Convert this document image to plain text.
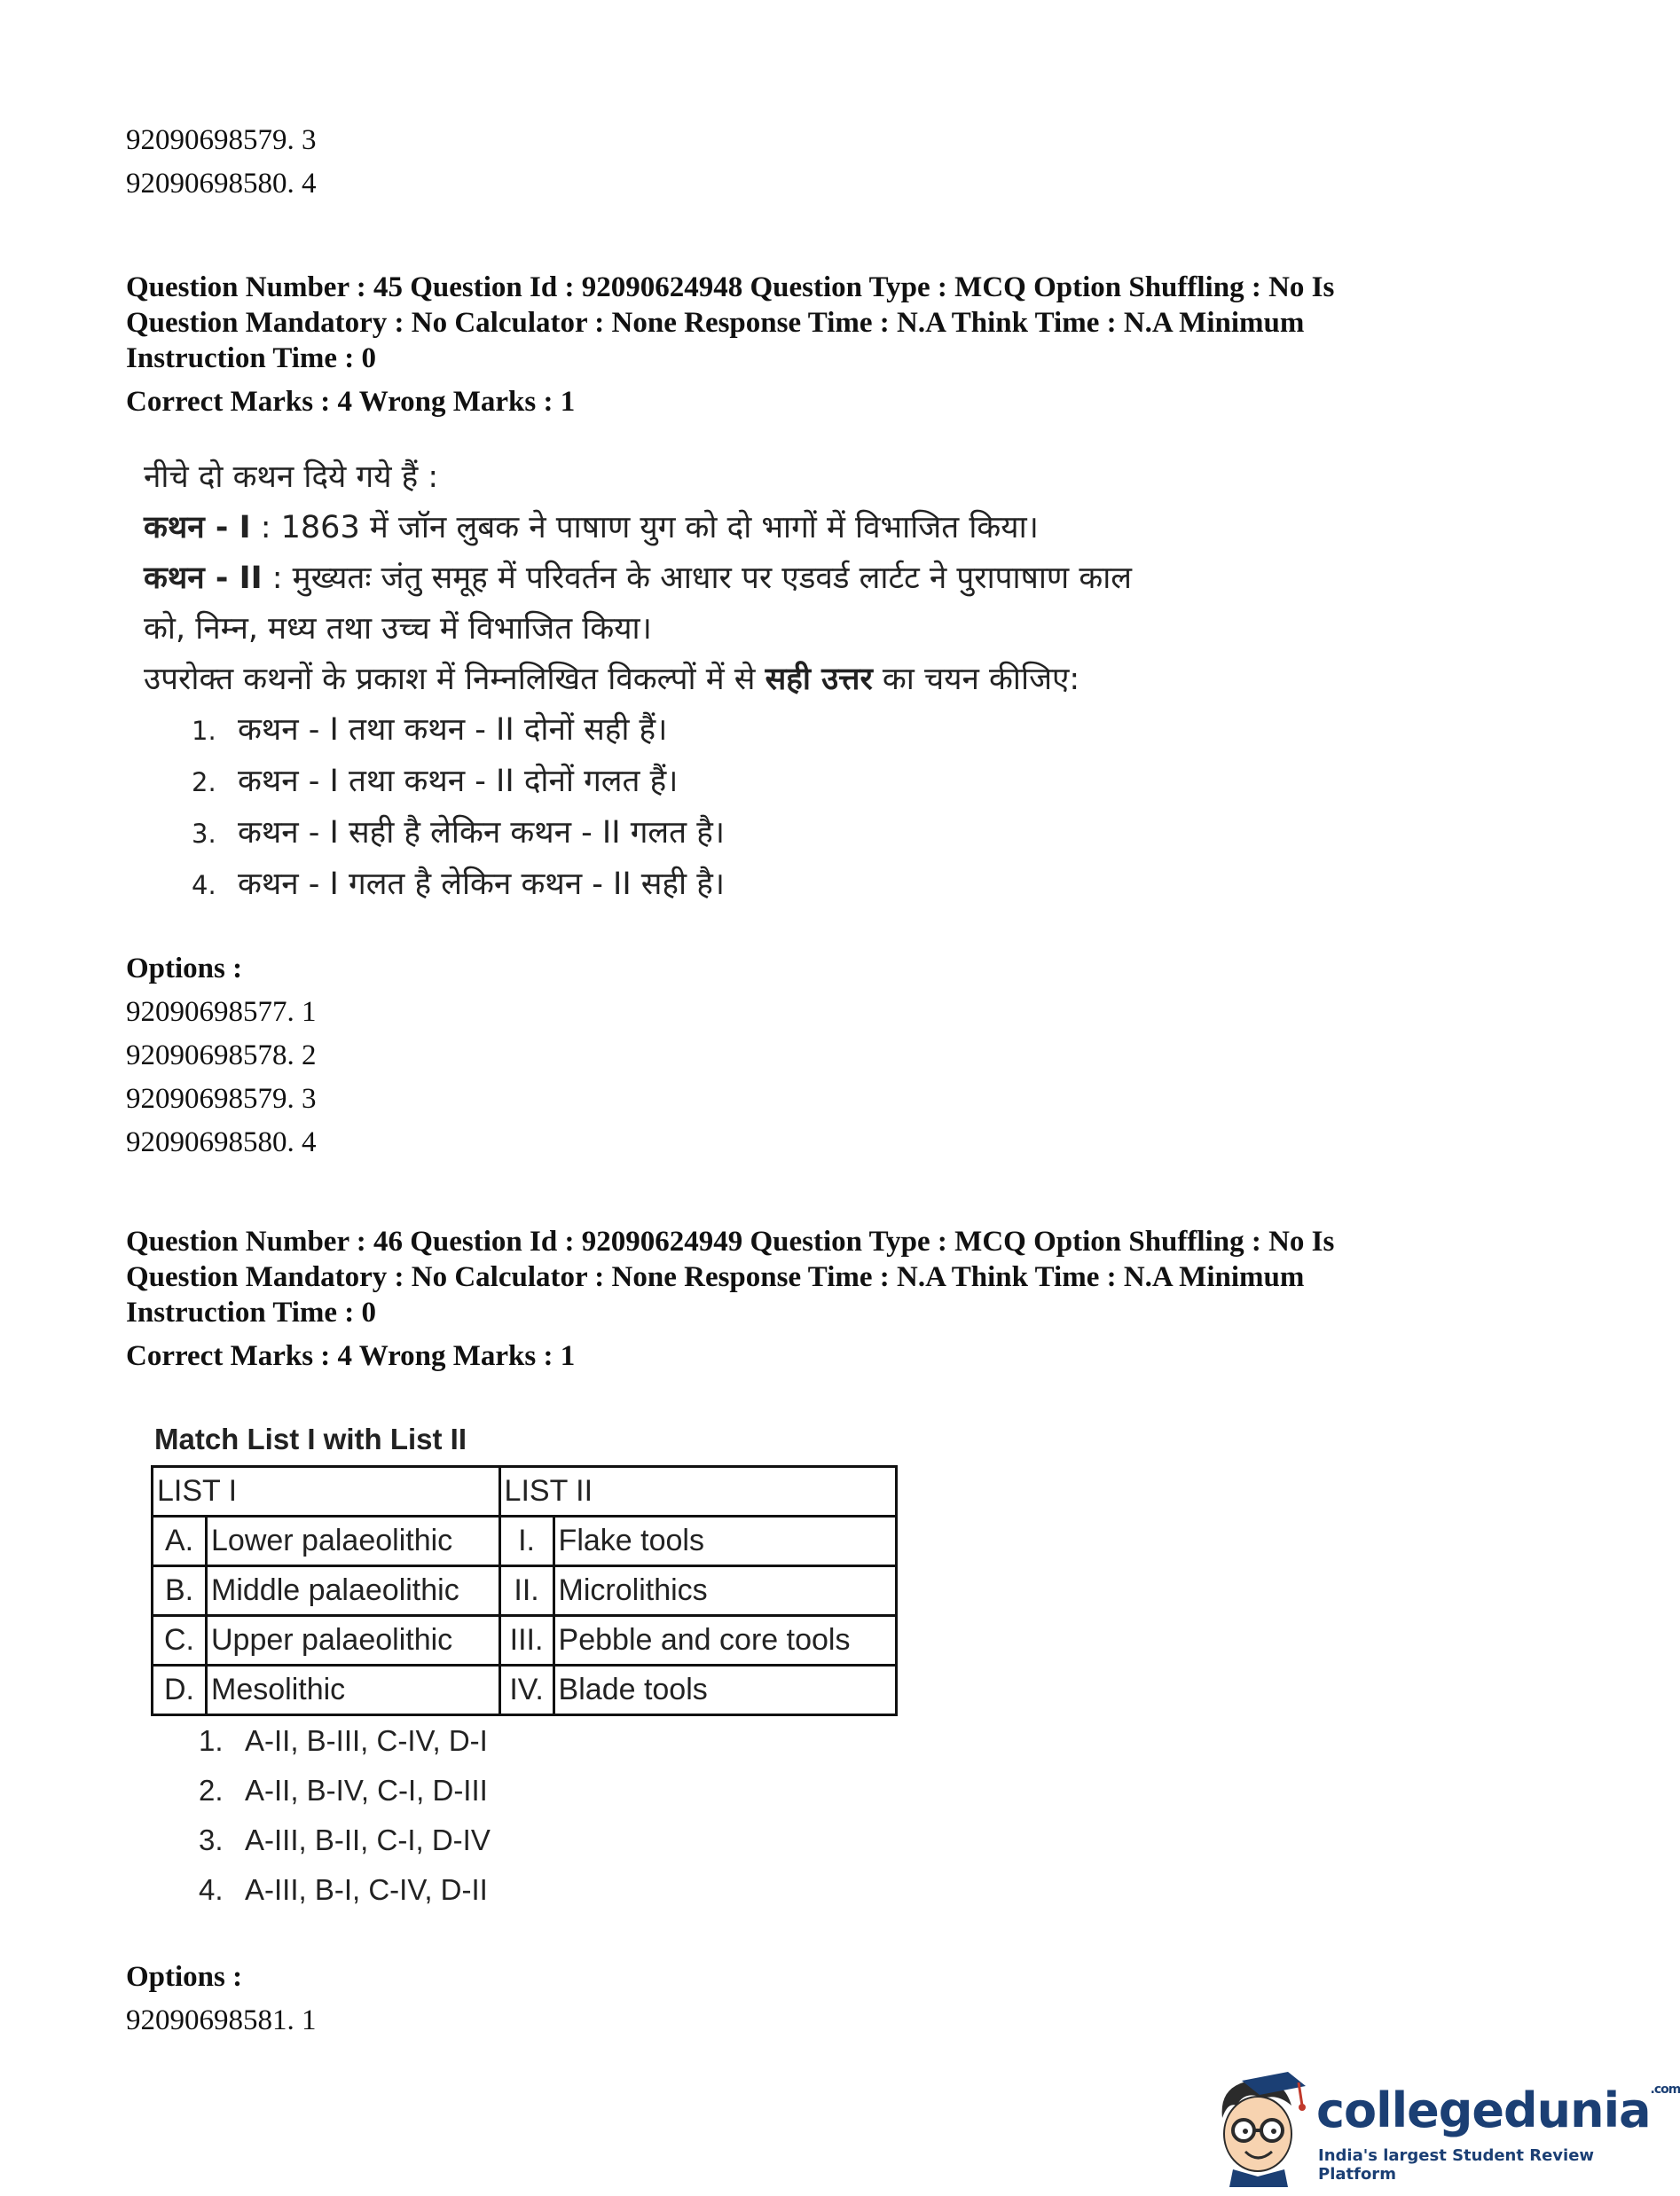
92090698579. 3
92090698580. 4
Question Number : 45 Question Id : 92090624948 Question Type : MCQ Option Shuffling : No Is
Question Mandatory : No Calculator : None Response Time : N.A Think Time : N.A Minimum
Instruction Time : 0
Correct Marks : 4 Wrong Marks : 1
नीचे दो कथन दिये गये हैं :
कथन - I : 1863 में जॉन लुबक ने पाषाण युग को दो भागों में विभाजित किया।
कथन - II : मुख्यतः जंतु समूह में परिवर्तन के आधार पर एडवर्ड लार्टट ने पुरापाषाण काल
को, निम्न, मध्य तथा उच्च में विभाजित किया।
उपरोक्त कथनों के प्रकाश में निम्नलिखित विकल्पों में से सही उत्तर का चयन कीजिए:
1. कथन - I तथा कथन - II दोनों सही हैं।
2. कथन - I तथा कथन - II दोनों गलत हैं।
3. कथन - I सही है लेकिन कथन - II गलत है।
4. कथन - I गलत है लेकिन कथन - II सही है।
Options :
92090698577. 1
92090698578. 2
92090698579. 3
92090698580. 4
Question Number : 46 Question Id : 92090624949 Question Type : MCQ Option Shuffling : No Is
Question Mandatory : No Calculator : None Response Time : N.A Think Time : N.A Minimum
Instruction Time : 0
Correct Marks : 4 Wrong Marks : 1
Match List I with List II
LIST I		LIST II	
A.	Lower palaeolithic	I.	Flake tools
B.	Middle palaeolithic	II.	Microlithics
C.	Upper palaeolithic	III.	Pebble and core tools
D.	Mesolithic	IV.	Blade tools
1. A-II, B-III, C-IV, D-I
2. A-II, B-IV, C-I, D-III
3. A-III, B-II, C-I, D-IV
4. A-III, B-I, C-IV, D-II
Options :
92090698581. 1
collegedunia$^{.com}$
India's largest Student Review Platform
